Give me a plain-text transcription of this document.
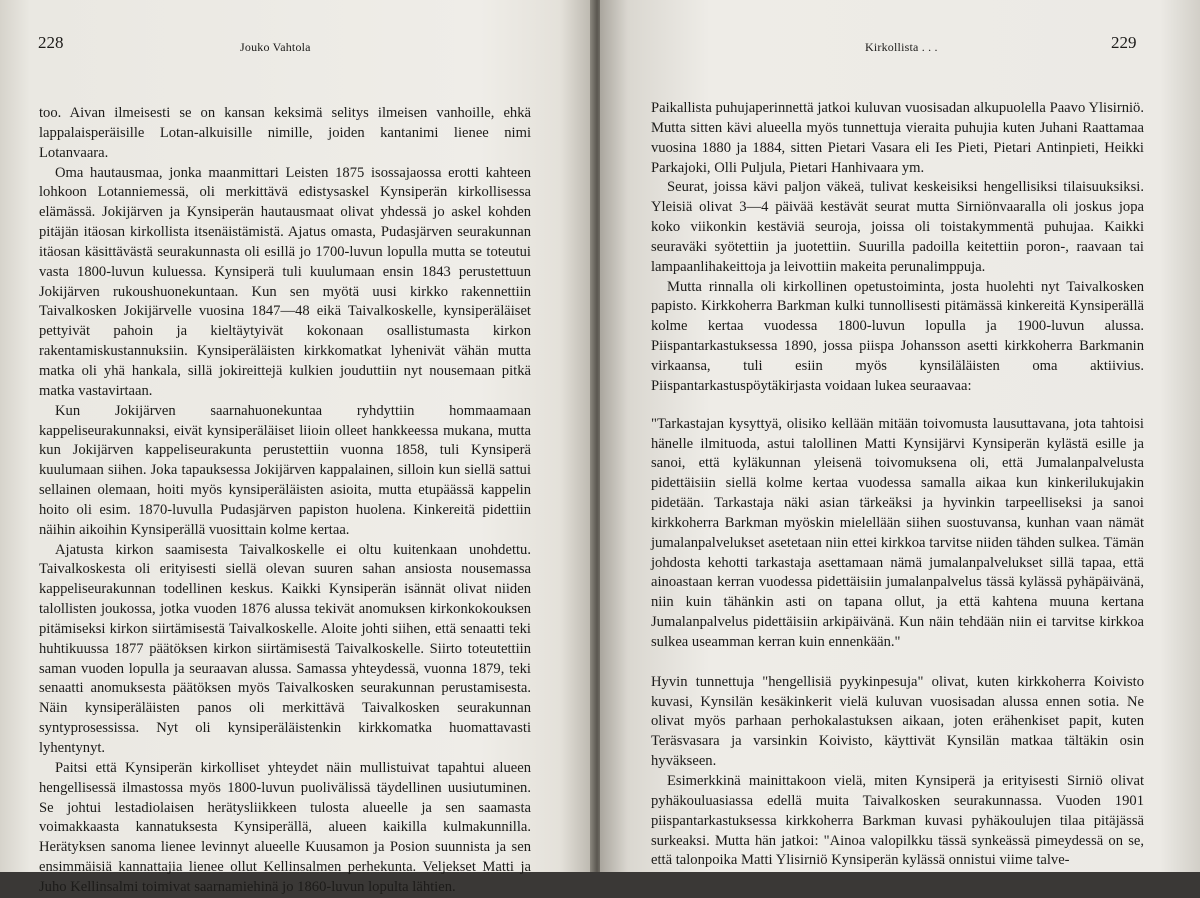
228	Jouko Vahtola

too. Aivan ilmeisesti se on kansan keksimä selitys ilmeisen vanhoille, ehkä lappalaisperäisille Lotan-alkuisille nimille, joiden kantanimi lienee nimi Lotanvaara.

Oma hautausmaa, jonka maanmittari Leisten 1875 isossajaossa erotti kahteen lohkoon Lotanniemessä, oli merkittävä edistysaskel Kynsiperän kirkollisessa elämässä. Jokijärven ja Kynsiperän hautausmaat olivat yhdessä jo askel kohden pitäjän itäosan kirkollista itsenäistämistä. Ajatus omasta, Pudasjärven seurakunnan itäosan käsittävästä seurakunnasta oli esillä jo 1700-luvun lopulla mutta se toteutui vasta 1800-luvun kuluessa. Kynsiperä tuli kuulumaan ensin 1843 perustettuun Jokijärven rukoushuonekuntaan. Kun sen myötä uusi kirkko rakennettiin Taivalkosken Jokijärvelle vuosina 1847—48 eikä Taivalkoskelle, kynsiperäläiset pettyivät pahoin ja kieltäytyivät kokonaan osallistumasta kirkon rakentamiskustannuksiin. Kynsiperäläisten kirkkomatkat lyhenivät vähän mutta matka oli yhä hankala, sillä jokireittejä kulkien jouduttiin nyt nousemaan pitkä matka vastavirtaan.

Kun Jokijärven saarnahuonekuntaa ryhdyttiin hommaamaan kappeliseurakunnaksi, eivät kynsiperäläiset liioin olleet hankkeessa mukana, mutta kun Jokijärven kappeliseurakunta perustettiin vuonna 1858, tuli Kynsiperä kuulumaan siihen. Joka tapauksessa Jokijärven kappalainen, silloin kun siellä sattui sellainen olemaan, hoiti myös kynsiperäläisten asioita, mutta etupäässä kappelin hoito oli esim. 1870-luvulla Pudasjärven papiston huolena. Kinkereitä pidettiin näihin aikoihin Kynsiperällä vuosittain kolme kertaa.

Ajatusta kirkon saamisesta Taivalkoskelle ei oltu kuitenkaan unohdettu. Taivalkoskesta oli erityisesti siellä olevan suuren sahan ansiosta nousemassa kappeliseurakunnan todellinen keskus. Kaikki Kynsiperän isännät olivat niiden talollisten joukossa, jotka vuoden 1876 alussa tekivät anomuksen kirkonkokouksen pitämiseksi kirkon siirtämisestä Taivalkoskelle. Aloite johti siihen, että senaatti teki huhtikuussa 1877 päätöksen kirkon siirtämisestä Taivalkoskelle. Siirto toteutettiin saman vuoden lopulla ja seuraavan alussa. Samassa yhteydessä, vuonna 1879, teki senaatti anomuksesta päätöksen myös Taivalkosken seurakunnan perustamisesta. Näin kynsiperäläisten panos oli merkittävä Taivalkosken seurakunnan syntyprosessissa. Nyt oli kynsiperäläistenkin kirkkomatka huomattavasti lyhentynyt.

Paitsi että Kynsiperän kirkolliset yhteydet näin mullistuivat tapahtui alueen hengellisessä ilmastossa myös 1800-luvun puolivälissä täydellinen uusiutuminen. Se johtui lestadiolaisen herätysliikkeen tulosta alueelle ja sen saamasta voimakkaasta kannatuksesta Kynsiperällä, alueen kaikilla kulmakunnilla. Herätyksen sanoma lienee levinnyt alueelle Kuusamon ja Posion suunnista ja sen ensimmäisiä kannattajia lienee ollut Kellinsalmen perhekunta. Veljekset Matti ja Juho Kellinsalmi toimivat saarnamiehinä jo 1860-luvun lopulta lähtien.

Kirkollista . . .	229

Paikallista puhujaperinnettä jatkoi kuluvan vuosisadan alkupuolella Paavo Ylisirniö. Mutta sitten kävi alueella myös tunnettuja vieraita puhujia kuten Juhani Raattamaa vuosina 1880 ja 1884, sitten Pietari Vasara eli Ies Pieti, Pietari Antinpieti, Heikki Parkajoki, Olli Puljula, Pietari Hanhivaara ym.

Seurat, joissa kävi paljon väkeä, tulivat keskeisiksi hengellisiksi tilaisuuksiksi. Yleisiä olivat 3—4 päivää kestävät seurat mutta Sirniönvaaralla oli joskus jopa koko viikonkin kestäviä seuroja, joissa oli toistakymmentä puhujaa. Kaikki seuraväki syötettiin ja juotettiin. Suurilla padoilla keitettiin poron-, raavaan tai lampaanlihakeittoja ja leivottiin makeita perunalimppuja.

Mutta rinnalla oli kirkollinen opetustoiminta, josta huolehti nyt Taivalkosken papisto. Kirkkoherra Barkman kulki tunnollisesti pitämässä kinkereitä Kynsiperällä kolme kertaa vuodessa 1800-luvun lopulla ja 1900-luvun alussa. Piispantarkastuksessa 1890, jossa piispa Johansson asetti kirkkoherra Barkmanin virkaansa, tuli esiin myös kynsiläläisten oma aktiivius. Piispantarkastuspöytäkirjasta voidaan lukea seuraavaa:

"Tarkastajan kysyttyä, olisiko kellään mitään toivomusta lausuttavana, jota tahtoisi hänelle ilmituoda, astui talollinen Matti Kynsijärvi Kynsiperän kylästä esille ja sanoi, että kyläkunnan yleisenä toivomuksena oli, että Jumalanpalvelusta pidettäisiin siellä kolme kertaa vuodessa samalla aikaa kun kinkerilukujakin pidetään. Tarkastaja näki asian tärkeäksi ja hyvinkin tarpeelliseksi ja sanoi kirkkoherra Barkman myöskin mielellään siihen suostuvansa, kunhan vaan nämät jumalanpalvelukset asetetaan niin ettei kirkkoa tarvitse niiden tähden sulkea. Tämän johdosta kehotti tarkastaja asettamaan nämä jumalanpalvelukset sillä tapaa, että ainoastaan kerran vuodessa pidettäisiin jumalanpalvelus tässä kylässä pyhäpäivänä, niin kuin tähänkin asti on tapana ollut, ja että kahtena muuna kertana Jumalanpalvelus pidettäisiin arkipäivänä. Kun näin tehdään niin ei tarvitse kirkkoa sulkea useamman kerran kuin ennenkään."

Hyvin tunnettuja "hengellisiä pyykinpesuja" olivat, kuten kirkkoherra Koivisto kuvasi, Kynsilän kesäkinkerit vielä kuluvan vuosisadan alussa ennen sotia. Ne olivat myös parhaan perhokalastuksen aikaan, joten erähenkiset papit, kuten Teräsvasara ja varsinkin Koivisto, käyttivät Kynsilän matkaa tältäkin osin hyväkseen.

Esimerkkinä mainittakoon vielä, miten Kynsiperä ja erityisesti Sirniö olivat pyhäkouluasiassa edellä muita Taivalkosken seurakunnassa. Vuoden 1901 piispantarkastuksessa kirkkoherra Barkman kuvasi pyhäkoulujen tilaa pitäjässä surkeaksi. Mutta hän jatkoi: "Ainoa valopilkku tässä synkeässä pimeydessä on se, että talonpoika Matti Ylisirniö Kynsiperän kylässä onnistui viime talve-
